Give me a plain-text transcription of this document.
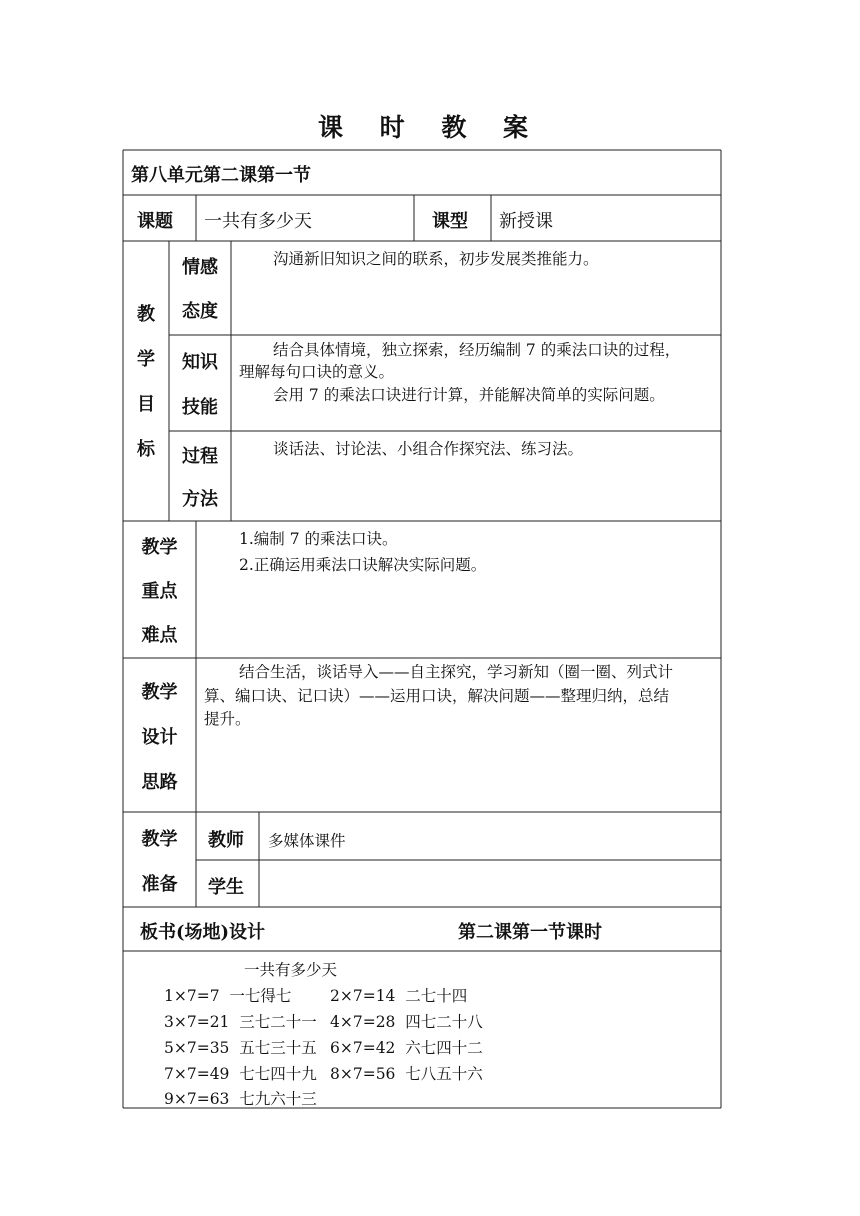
课 时 教 案
第八单元第二课第一节
课题 一共有多少天	课型 新授课
教
学
目
标
情感
态度
沟通新旧知识之间的联系，初步发展类推能力。
知识
技能
结合具体情境，独立探索，经历编制 7 的乘法口诀的过程，
理解每句口诀的意义。
会用 7 的乘法口诀进行计算，并能解决简单的实际问题。
过程
方法
谈话法、讨论法、小组合作探究法、练习法。
教学
重点
难点
1.编制 7 的乘法口诀。
2.正确运用乘法口诀解决实际问题。
教学
设计
思路
结合生活，谈话导入——自主探究，学习新知（圈一圈、列式计
算、编口诀、记口诀）——运用口诀，解决问题——整理归纳，总结
提升。
教学
准备
教师 多媒体课件
学生
板书(场地)设计	第二课第一节课时
一共有多少天
1×7=7  一七得七 2×7=14  二七十四
3×7=21  三七二十一 4×7=28  四七二十八
5×7=35  五七三十五 6×7=42  六七四十二
7×7=49  七七四十九 8×7=56  七八五十六
9×7=63  七九六十三
